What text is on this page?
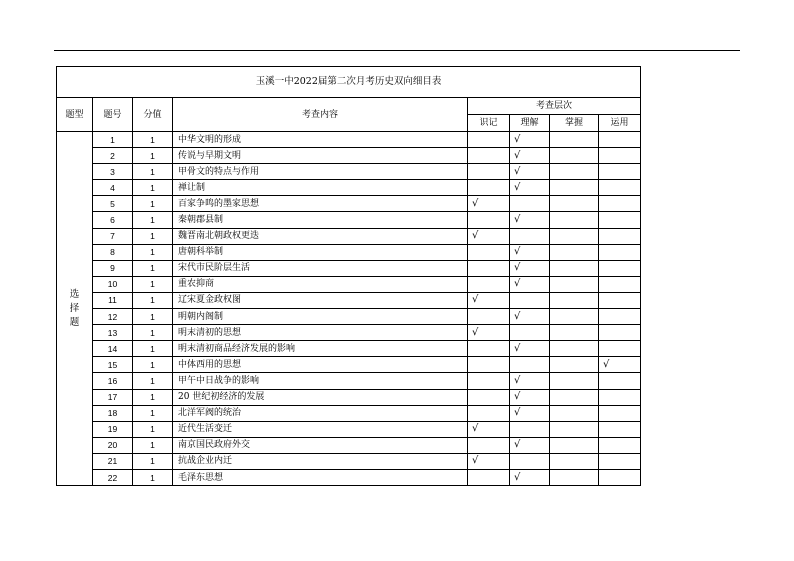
玉溪一中2022届第二次月考历史双向细目表							
题型	题号	分值	考查内容	考查层次			
				识记	理解	掌握	运用

选
择
题	1	1	中华文明的形成		√		
	2	1	传说与早期文明		√		
	3	1	甲骨文的特点与作用		√		
	4	1	禅让制		√		
	5	1	百家争鸣的墨家思想	√			
	6	1	秦朝郡县制		√		
	7	1	魏晋南北朝政权更迭	√			
	8	1	唐朝科举制		√		
	9	1	宋代市民阶层生活		√		
	10	1	重农抑商		√		
	11	1	辽宋夏金政权图	√			
	12	1	明朝内阁制		√		
	13	1	明末清初的思想	√			
	14	1	明末清初商品经济发展的影响		√		
	15	1	中体西用的思想				√
	16	1	甲午中日战争的影响		√		
	17	1	20 世纪初经济的发展		√		
	18	1	北洋军阀的统治		√		
	19	1	近代生活变迁	√			
	20	1	南京国民政府外交		√		
	21	1	抗战企业内迁	√			
	22	1	毛泽东思想		√		
